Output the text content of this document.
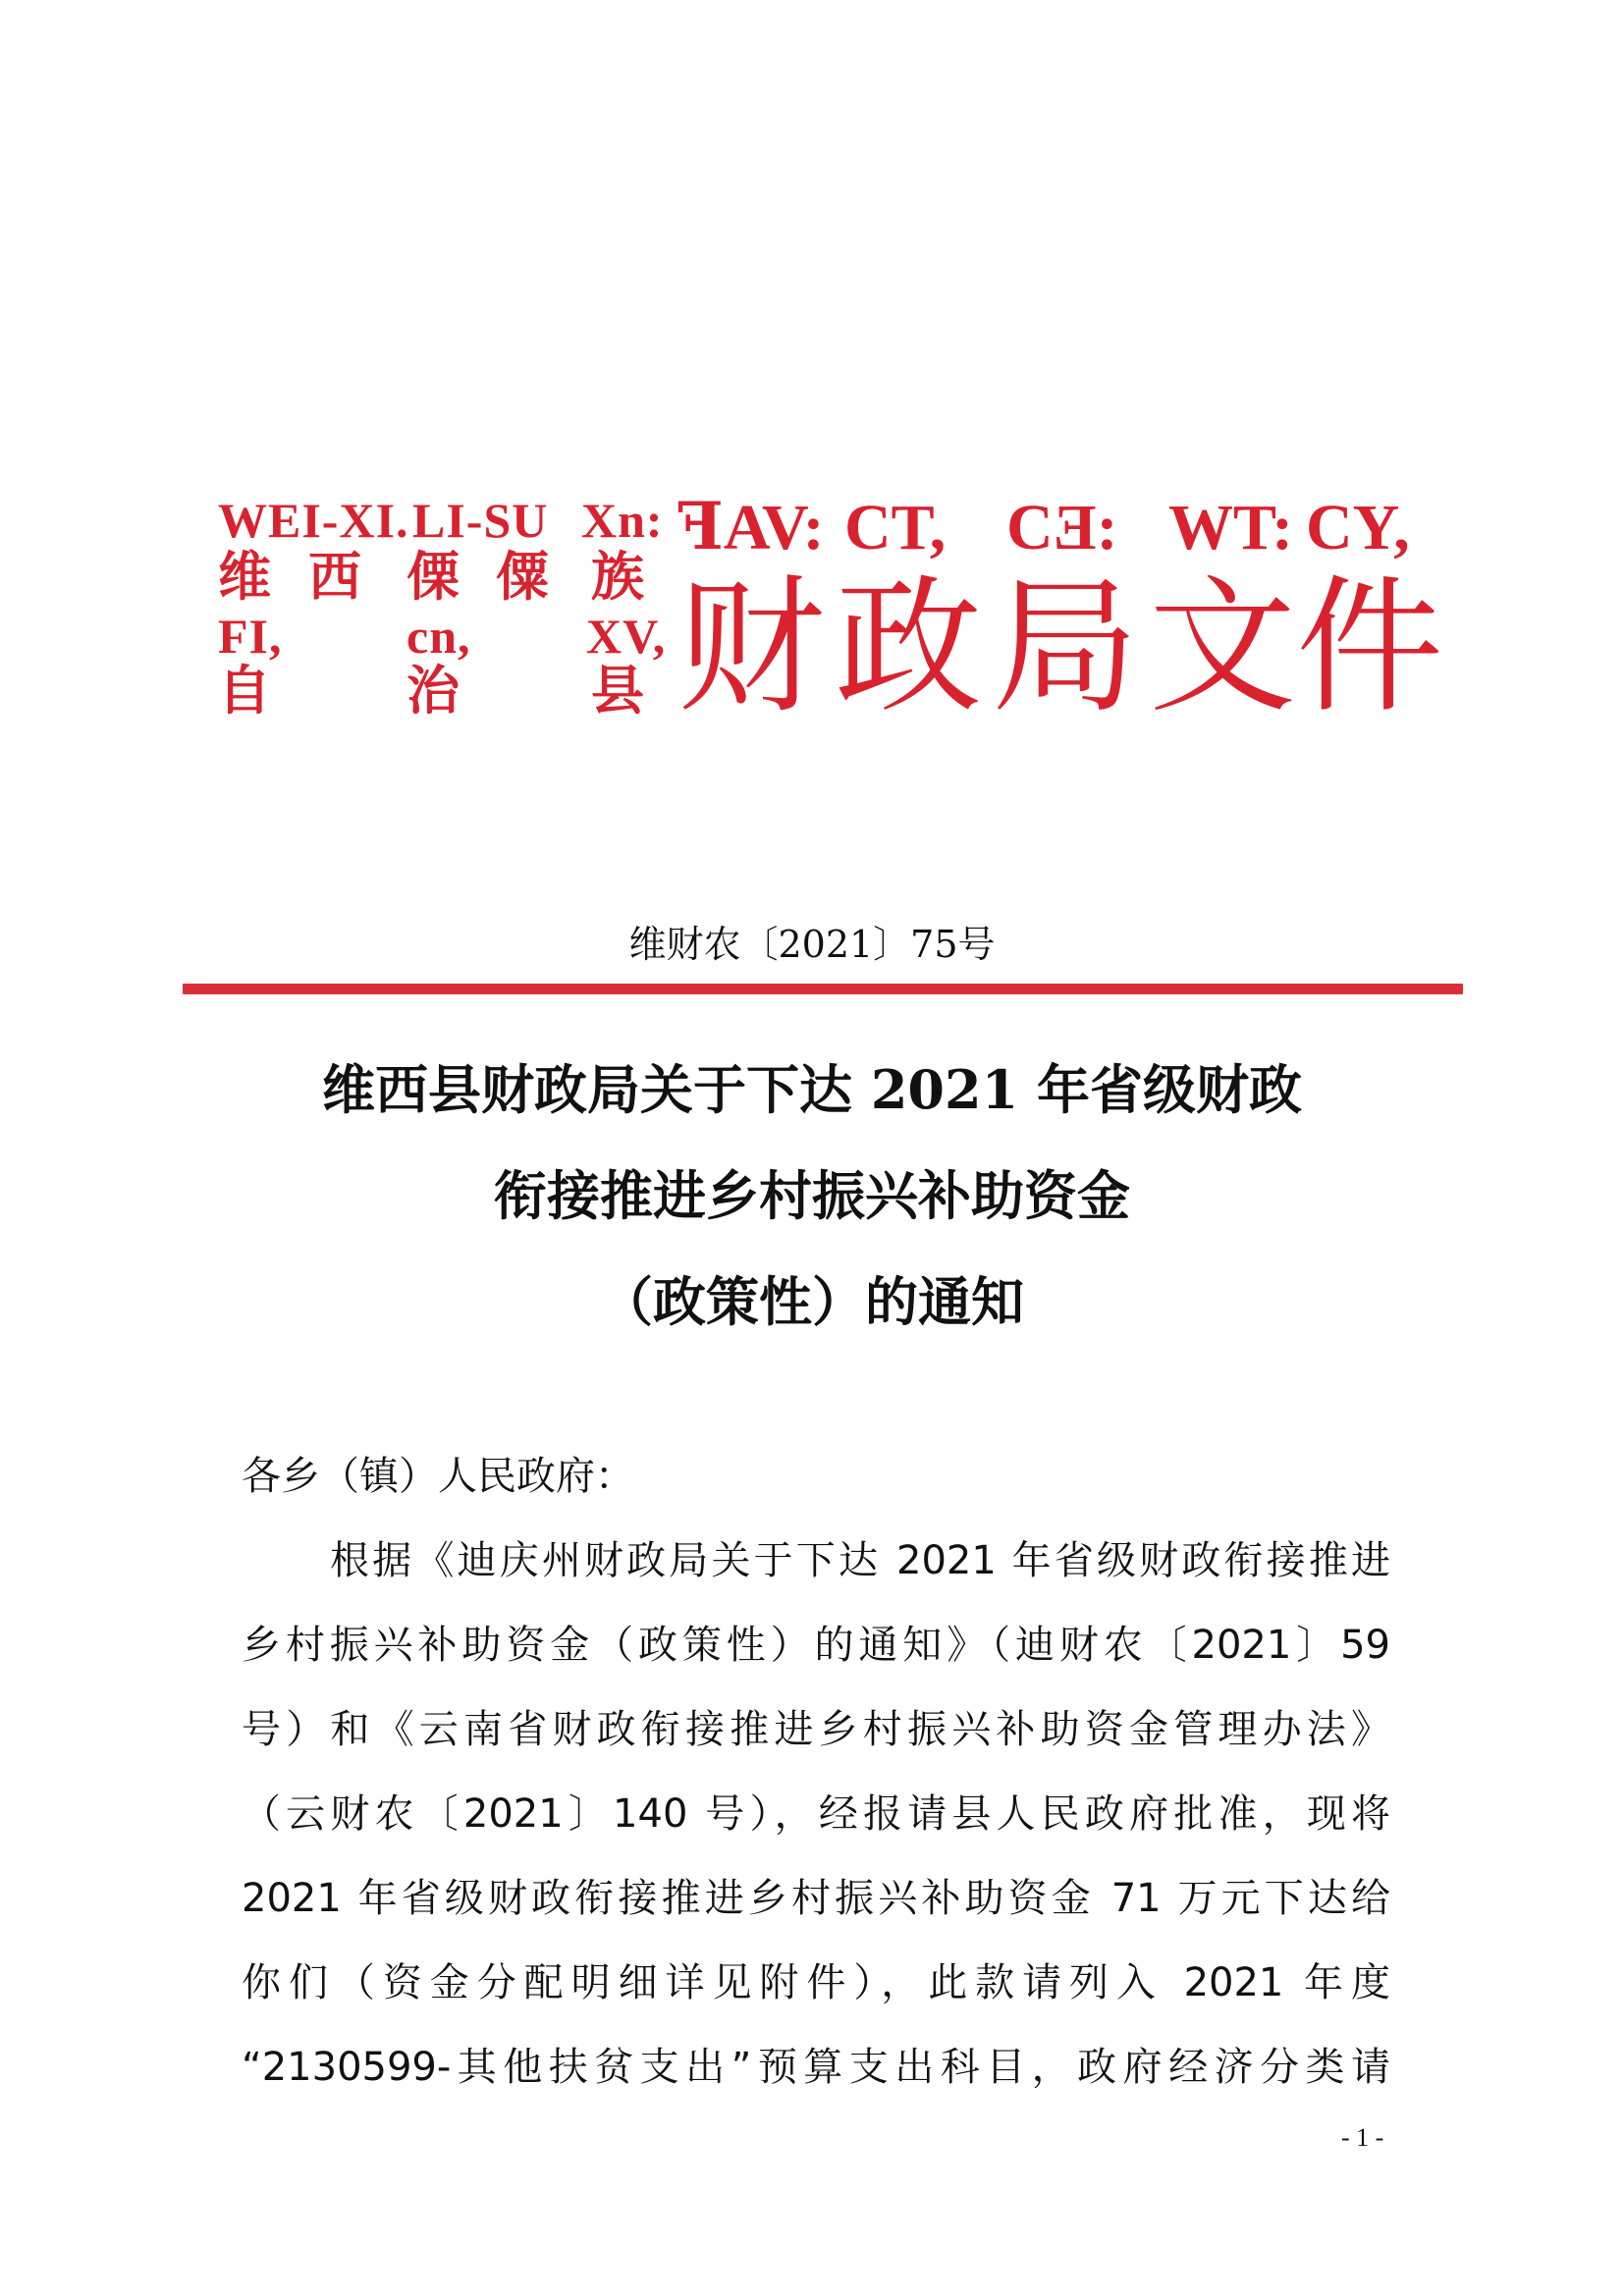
WEI-XI. LI-SU Xn:
维 西 傈 僳 族
FI,	cn, XV,
自	治 县
ꟻAV: CT, CƎ: WT: CY,
财 政 局 文 件
维财农〔2021〕75号
维西县财政局关于下达 2021 年省级财政
衔接推进乡村振兴补助资金
（政策性）的通知
各乡（镇）人民政府：
根据《迪庆州财政局关于下达 2021 年省级财政衔接推进
乡村振兴补助资金（政策性）的通知》（迪财农〔2021〕59
号）和《云南省财政衔接推进乡村振兴补助资金管理办法》
（云财农〔2021〕140 号），经报请县人民政府批准，现将
2021 年省级财政衔接推进乡村振兴补助资金 71 万元下达给
你们（资金分配明细详见附件），此款请列入 2021 年度
“2130599-其他扶贫支出”预算支出科目，政府经济分类请
- 1 -
